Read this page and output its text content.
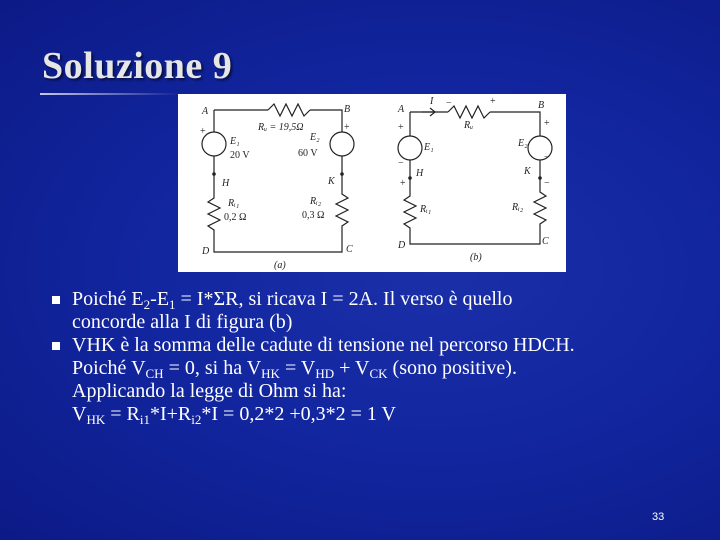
Soluzione 9
A	B
H	K
D	C
Rᵤ = 19,5Ω
E₁
20 V
E₂
60 V
Rᵢ₁
0,2 Ω
Rᵢ₂
0,3 Ω
+	+
(a)
A	B
I	+
−
Rᵤ
E₁	E₂
+
−
+
−
H	K
+	−
Rᵢ₁	Rᵢ₂
D	C
(b)
Poiché $E_2-E_1 = I*\Sigma R$, si ricava I = 2A. Il verso è quello
concorde alla I di figura (b)
VHK è la somma delle cadute di tensione nel percorso HDCH.
Poiché $V_{CH} = 0$, si ha $V_{HK} = V_{HD} + V_{CK}$ (sono positive).
Applicando la legge di Ohm si ha:
$V_{HK} = R_{i1}*I+R_{i2}*I = 0,2*2 +0,3*2 = 1$ V
33
